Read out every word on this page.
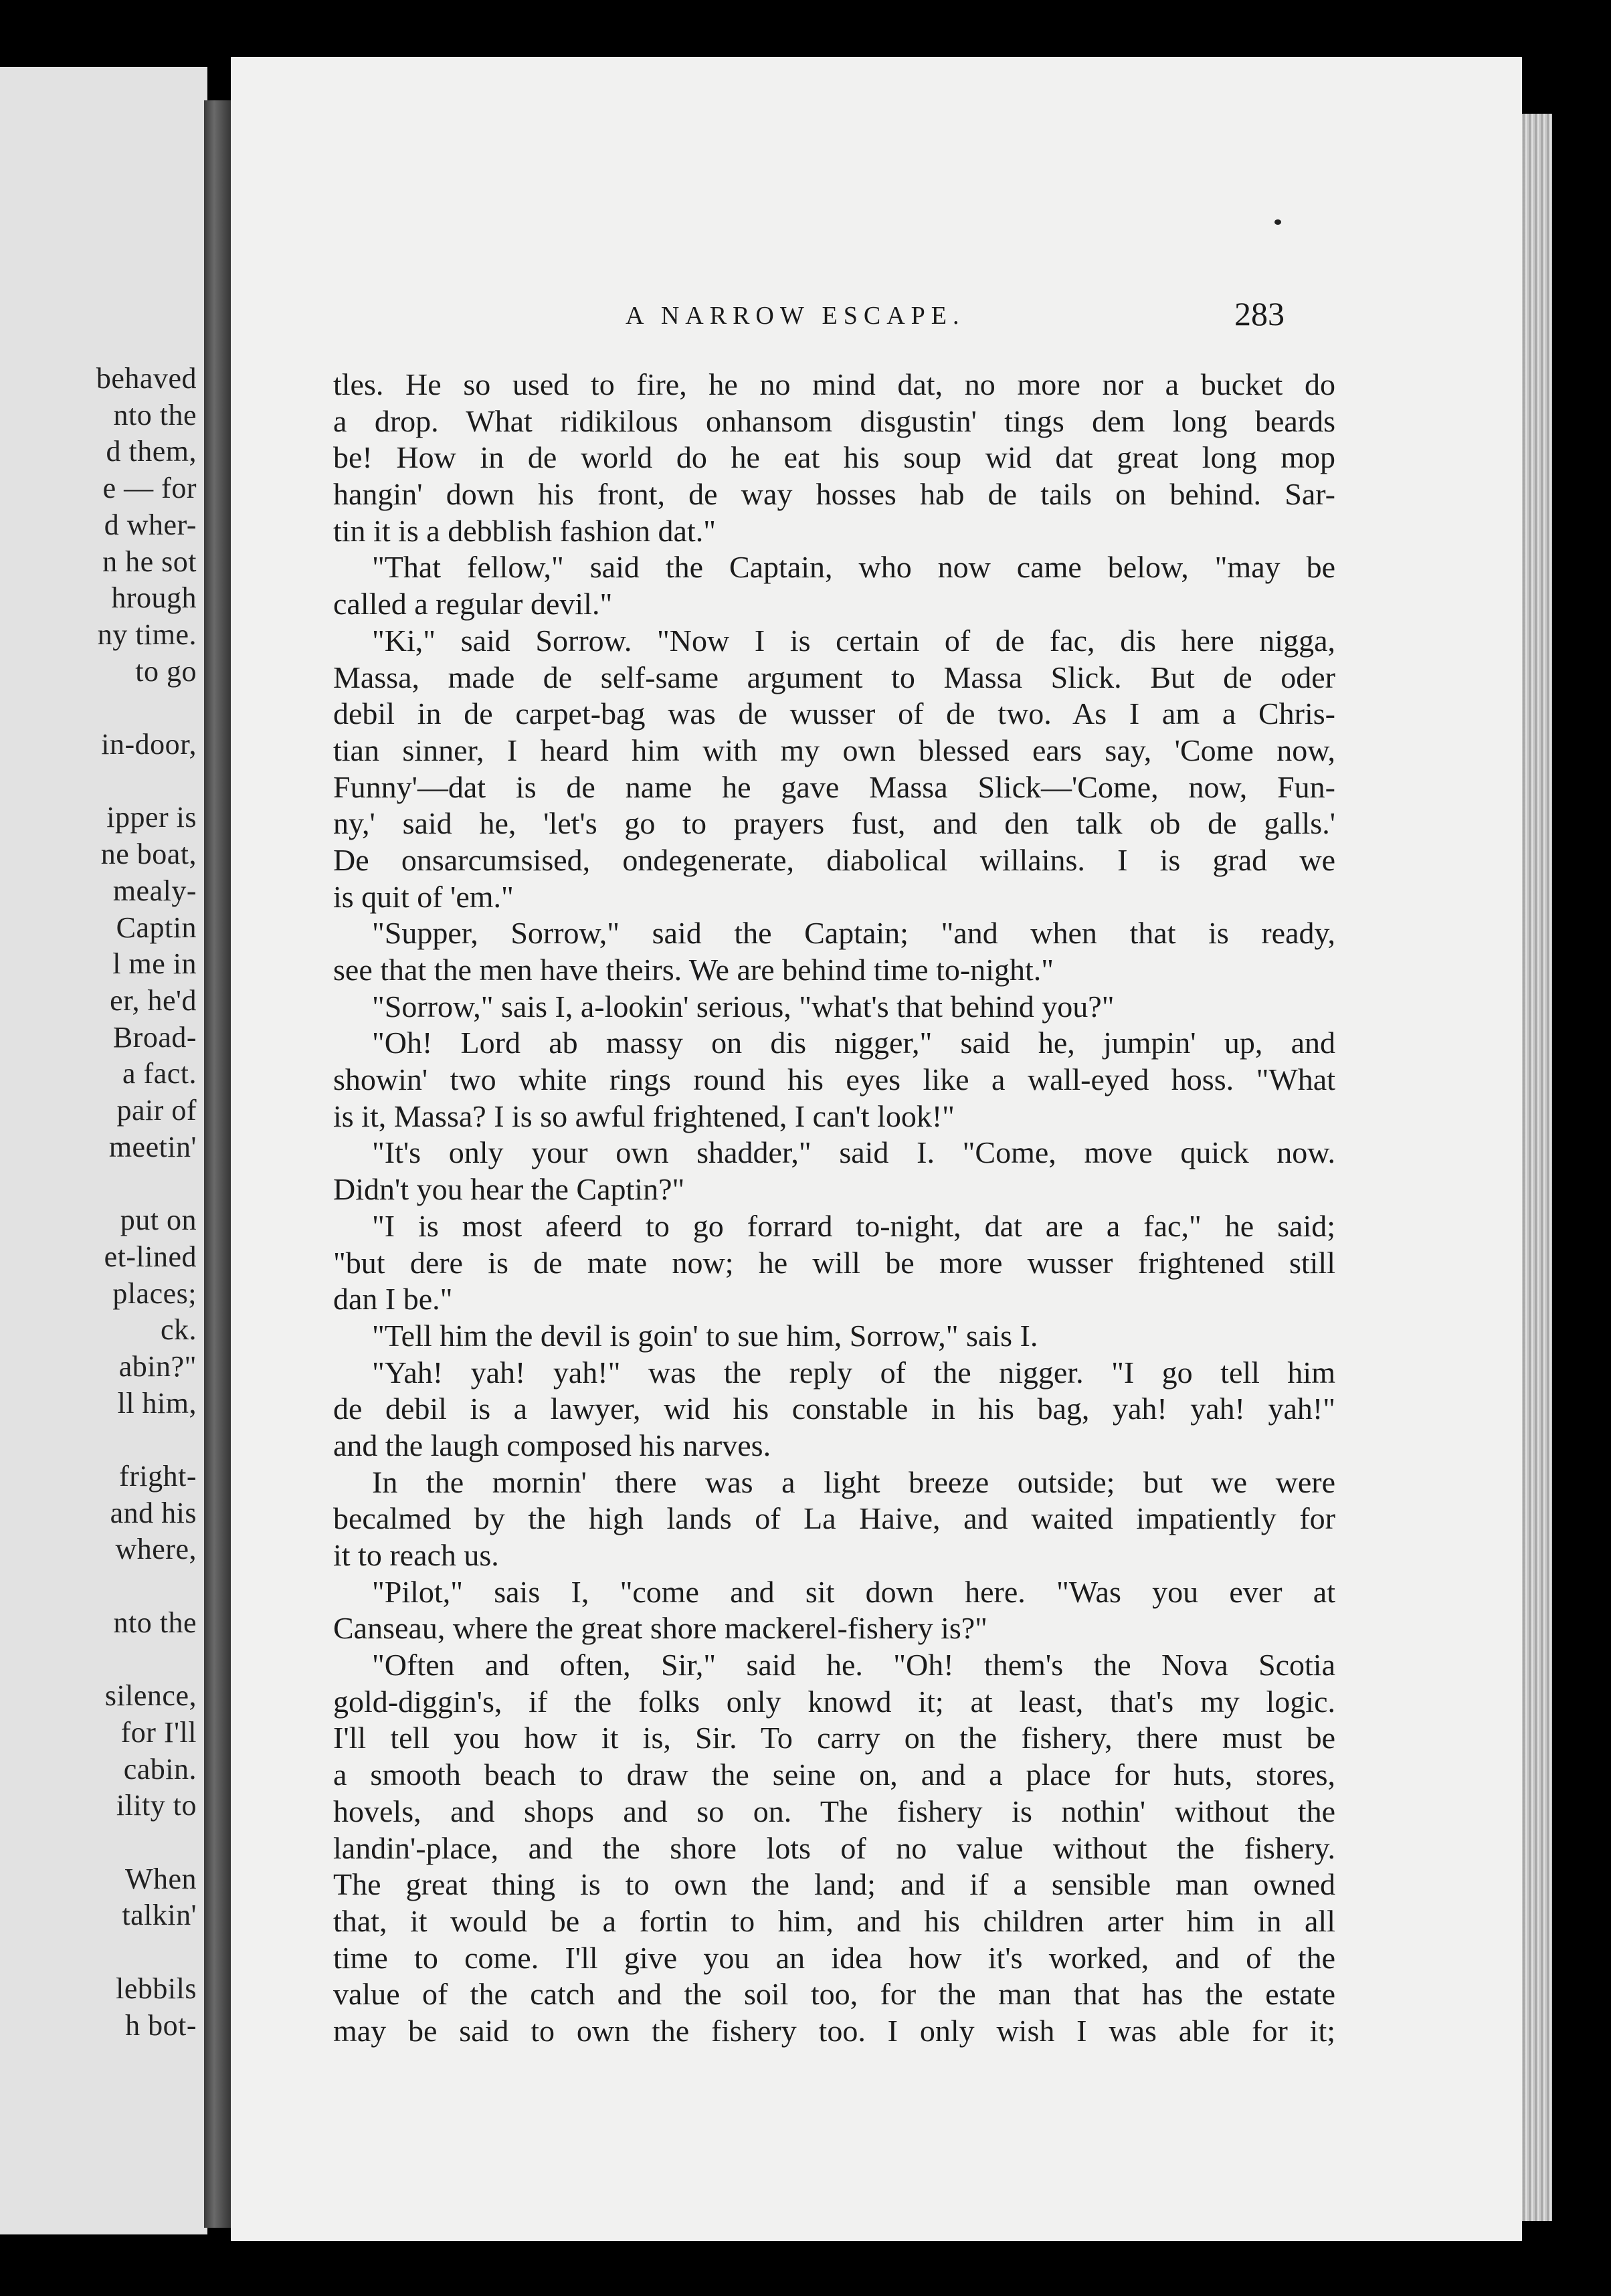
behaved
nto the
d them,
e — for
d wher-
n he sot
hrough
ny time.
to go
in-door,
ipper is
ne boat,
mealy-
Captin
l me in
er, he'd
Broad-
a fact.
pair of
meetin'
put on
et-lined
places;
ck.
abin?"
ll him,
fright-
and his
where,
nto the
silence,
for I'll
cabin.
ility to
When
talkin'
lebbils
h bot-
A NARROW ESCAPE.	283
tles. He so used to fire, he no mind dat, no more nor a bucket do
a drop. What ridikilous onhansom disgustin' tings dem long beards
be! How in de world do he eat his soup wid dat great long mop
hangin' down his front, de way hosses hab de tails on behind. Sar-
tin it is a debblish fashion dat."
"That fellow," said the Captain, who now came below, "may be
called a regular devil."
"Ki," said Sorrow. "Now I is certain of de fac, dis here nigga,
Massa, made de self-same argument to Massa Slick. But de oder
debil in de carpet-bag was de wusser of de two. As I am a Chris-
tian sinner, I heard him with my own blessed ears say, 'Come now,
Funny'—dat is de name he gave Massa Slick—'Come, now, Fun-
ny,' said he, 'let's go to prayers fust, and den talk ob de galls.'
De onsarcumsised, ondegenerate, diabolical willains. I is grad we
is quit of 'em."
"Supper, Sorrow," said the Captain; "and when that is ready,
see that the men have theirs. We are behind time to-night."
"Sorrow," sais I, a-lookin' serious, "what's that behind you?"
"Oh! Lord ab massy on dis nigger," said he, jumpin' up, and
showin' two white rings round his eyes like a wall-eyed hoss. "What
is it, Massa? I is so awful frightened, I can't look!"
"It's only your own shadder," said I. "Come, move quick now.
Didn't you hear the Captin?"
"I is most afeerd to go forrard to-night, dat are a fac," he said;
"but dere is de mate now; he will be more wusser frightened still
dan I be."
"Tell him the devil is goin' to sue him, Sorrow," sais I.
"Yah! yah! yah!" was the reply of the nigger. "I go tell him
de debil is a lawyer, wid his constable in his bag, yah! yah! yah!"
and the laugh composed his narves.
In the mornin' there was a light breeze outside; but we were
becalmed by the high lands of La Haive, and waited impatiently for
it to reach us.
"Pilot," sais I, "come and sit down here. "Was you ever at
Canseau, where the great shore mackerel-fishery is?"
"Often and often, Sir," said he. "Oh! them's the Nova Scotia
gold-diggin's, if the folks only knowd it; at least, that's my logic.
I'll tell you how it is, Sir. To carry on the fishery, there must be
a smooth beach to draw the seine on, and a place for huts, stores,
hovels, and shops and so on. The fishery is nothin' without the
landin'-place, and the shore lots of no value without the fishery.
The great thing is to own the land; and if a sensible man owned
that, it would be a fortin to him, and his children arter him in all
time to come. I'll give you an idea how it's worked, and of the
value of the catch and the soil too, for the man that has the estate
may be said to own the fishery too. I only wish I was able for it;
